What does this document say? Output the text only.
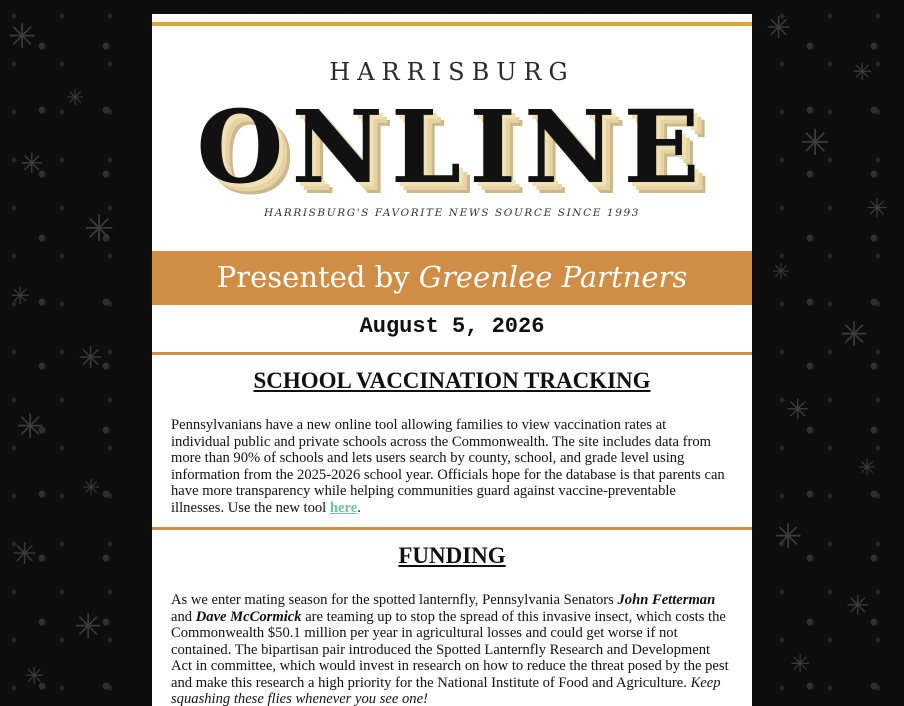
✳
✳
✳
✳
✳
✳
✳
✳
✳
✳
✳
✳
✳
✳
✳
✳
✳
✳
✳
✳
✳
✳
HARRISBURG
ONLINE
HARRISBURG'S FAVORITE NEWS SOURCE SINCE 1993
Presented by Greenlee Partners
August 5, 2026
SCHOOL VACCINATION TRACKING
Pennsylvanians have a new online tool allowing families to view vaccination rates at individual public and private schools across the Commonwealth. The site includes data from more than 90% of schools and lets users search by county, school, and grade level using information from the 2025-2026 school year. Officials hope for the database is that parents can have more transparency while helping communities guard against vaccine-preventable illnesses. Use the new tool here.
FUNDING
As we enter mating season for the spotted lanternfly, Pennsylvania Senators John Fetterman and Dave McCormick are teaming up to stop the spread of this invasive insect, which costs the Commonwealth $50.1 million per year in agricultural losses and could get worse if not contained. The bipartisan pair introduced the Spotted Lanternfly Research and Development Act in committee, which would invest in research on how to reduce the threat posed by the pest and make this research a high priority for the National Institute of Food and Agriculture. Keep squashing these flies whenever you see one!
